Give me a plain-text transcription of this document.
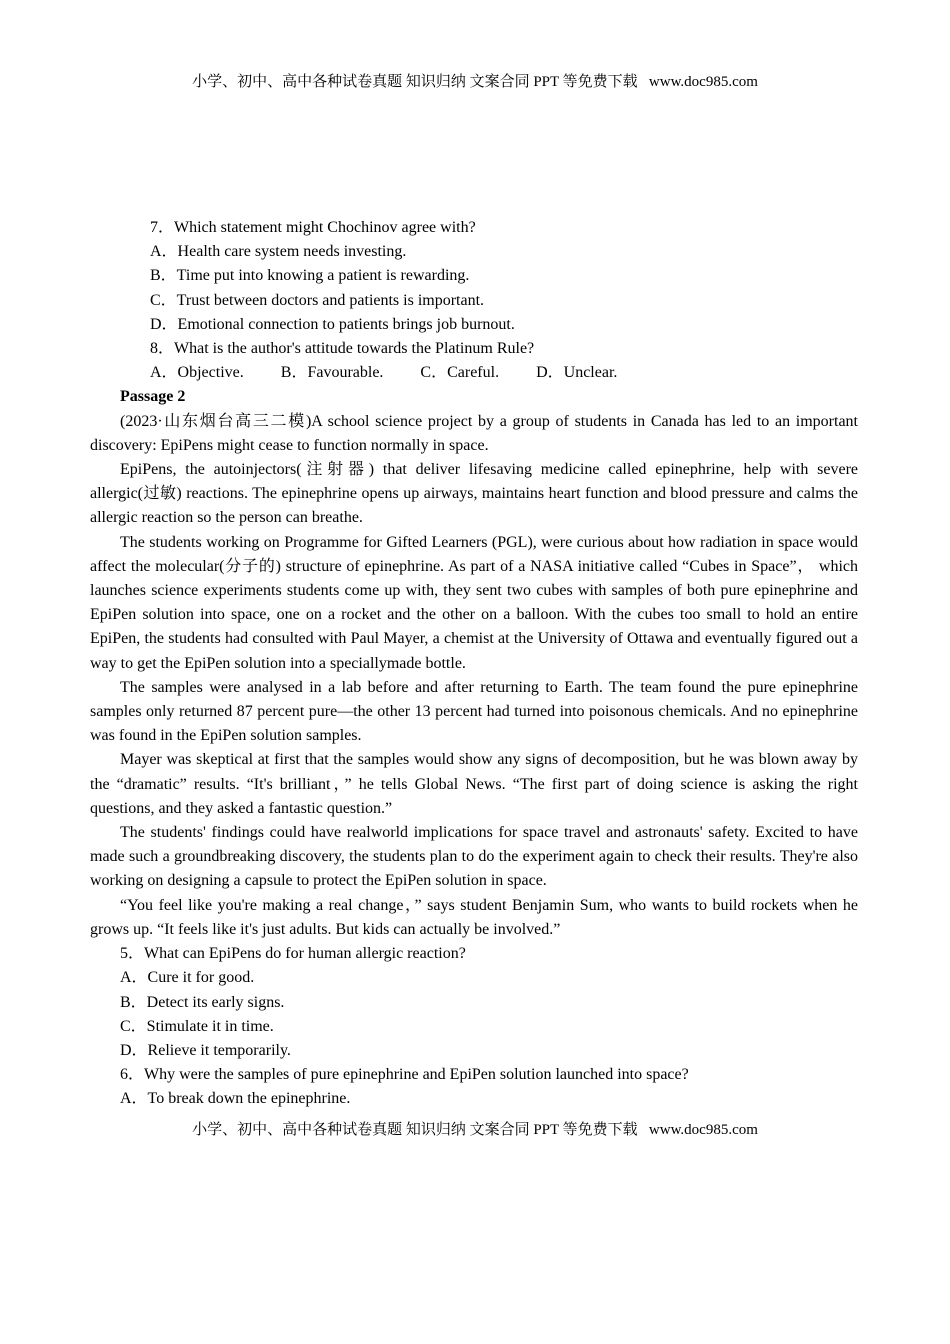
小学、初中、高中各种试卷真题 知识归纳 文案合同 PPT 等免费下载   www.doc985.com
7．Which statement might Chochinov agree with?
A．Health care system needs investing.
B．Time put into knowing a patient is rewarding.
C．Trust between doctors and patients is important.
D．Emotional connection to patients brings job burnout.
8．What is the author's attitude towards the Platinum Rule?
A．Objective. B．Favourable. C．Careful. D．Unclear.
Passage 2
(2023·山东烟台高三二模)A school science project by a group of students in Canada has led to an important discovery: EpiPens might cease to function normally in space.
EpiPens, the autoinjectors(注射器) that deliver lifesaving medicine called epinephrine, help with severe allergic(过敏) reactions. The epinephrine opens up airways, maintains heart function and blood pressure and calms the allergic reaction so the person can breathe.
The students working on Programme for Gifted Learners (PGL), were curious about how radiation in space would affect the molecular(分子的) structure of epinephrine. As part of a NASA initiative called “Cubes in Space”， which launches science experiments students come up with, they sent two cubes with samples of both pure epinephrine and EpiPen solution into space, one on a rocket and the other on a balloon. With the cubes too small to hold an entire EpiPen, the students had consulted with Paul Mayer, a chemist at the University of Ottawa and eventually figured out a way to get the EpiPen solution into a speciallymade bottle.
The samples were analysed in a lab before and after returning to Earth. The team found the pure epinephrine samples only returned 87 percent pure—the other 13 percent had turned into poisonous chemicals. And no epinephrine was found in the EpiPen solution samples.
Mayer was skeptical at first that the samples would show any signs of decomposition, but he was blown away by the “dramatic” results. “It's brilliant，” he tells Global News. “The first part of doing science is asking the right questions, and they asked a fantastic question.”
The students' findings could have realworld implications for space travel and astronauts' safety. Excited to have made such a groundbreaking discovery, the students plan to do the experiment again to check their results. They're also working on designing a capsule to protect the EpiPen solution in space.
“You feel like you're making a real change，” says student Benjamin Sum, who wants to build rockets when he grows up. “It feels like it's just adults. But kids can actually be involved.”
5．What can EpiPens do for human allergic reaction?
A．Cure it for good.
B．Detect its early signs.
C．Stimulate it in time.
D．Relieve it temporarily.
6．Why were the samples of pure epinephrine and EpiPen solution launched into space?
A．To break down the epinephrine.
小学、初中、高中各种试卷真题 知识归纳 文案合同 PPT 等免费下载   www.doc985.com
